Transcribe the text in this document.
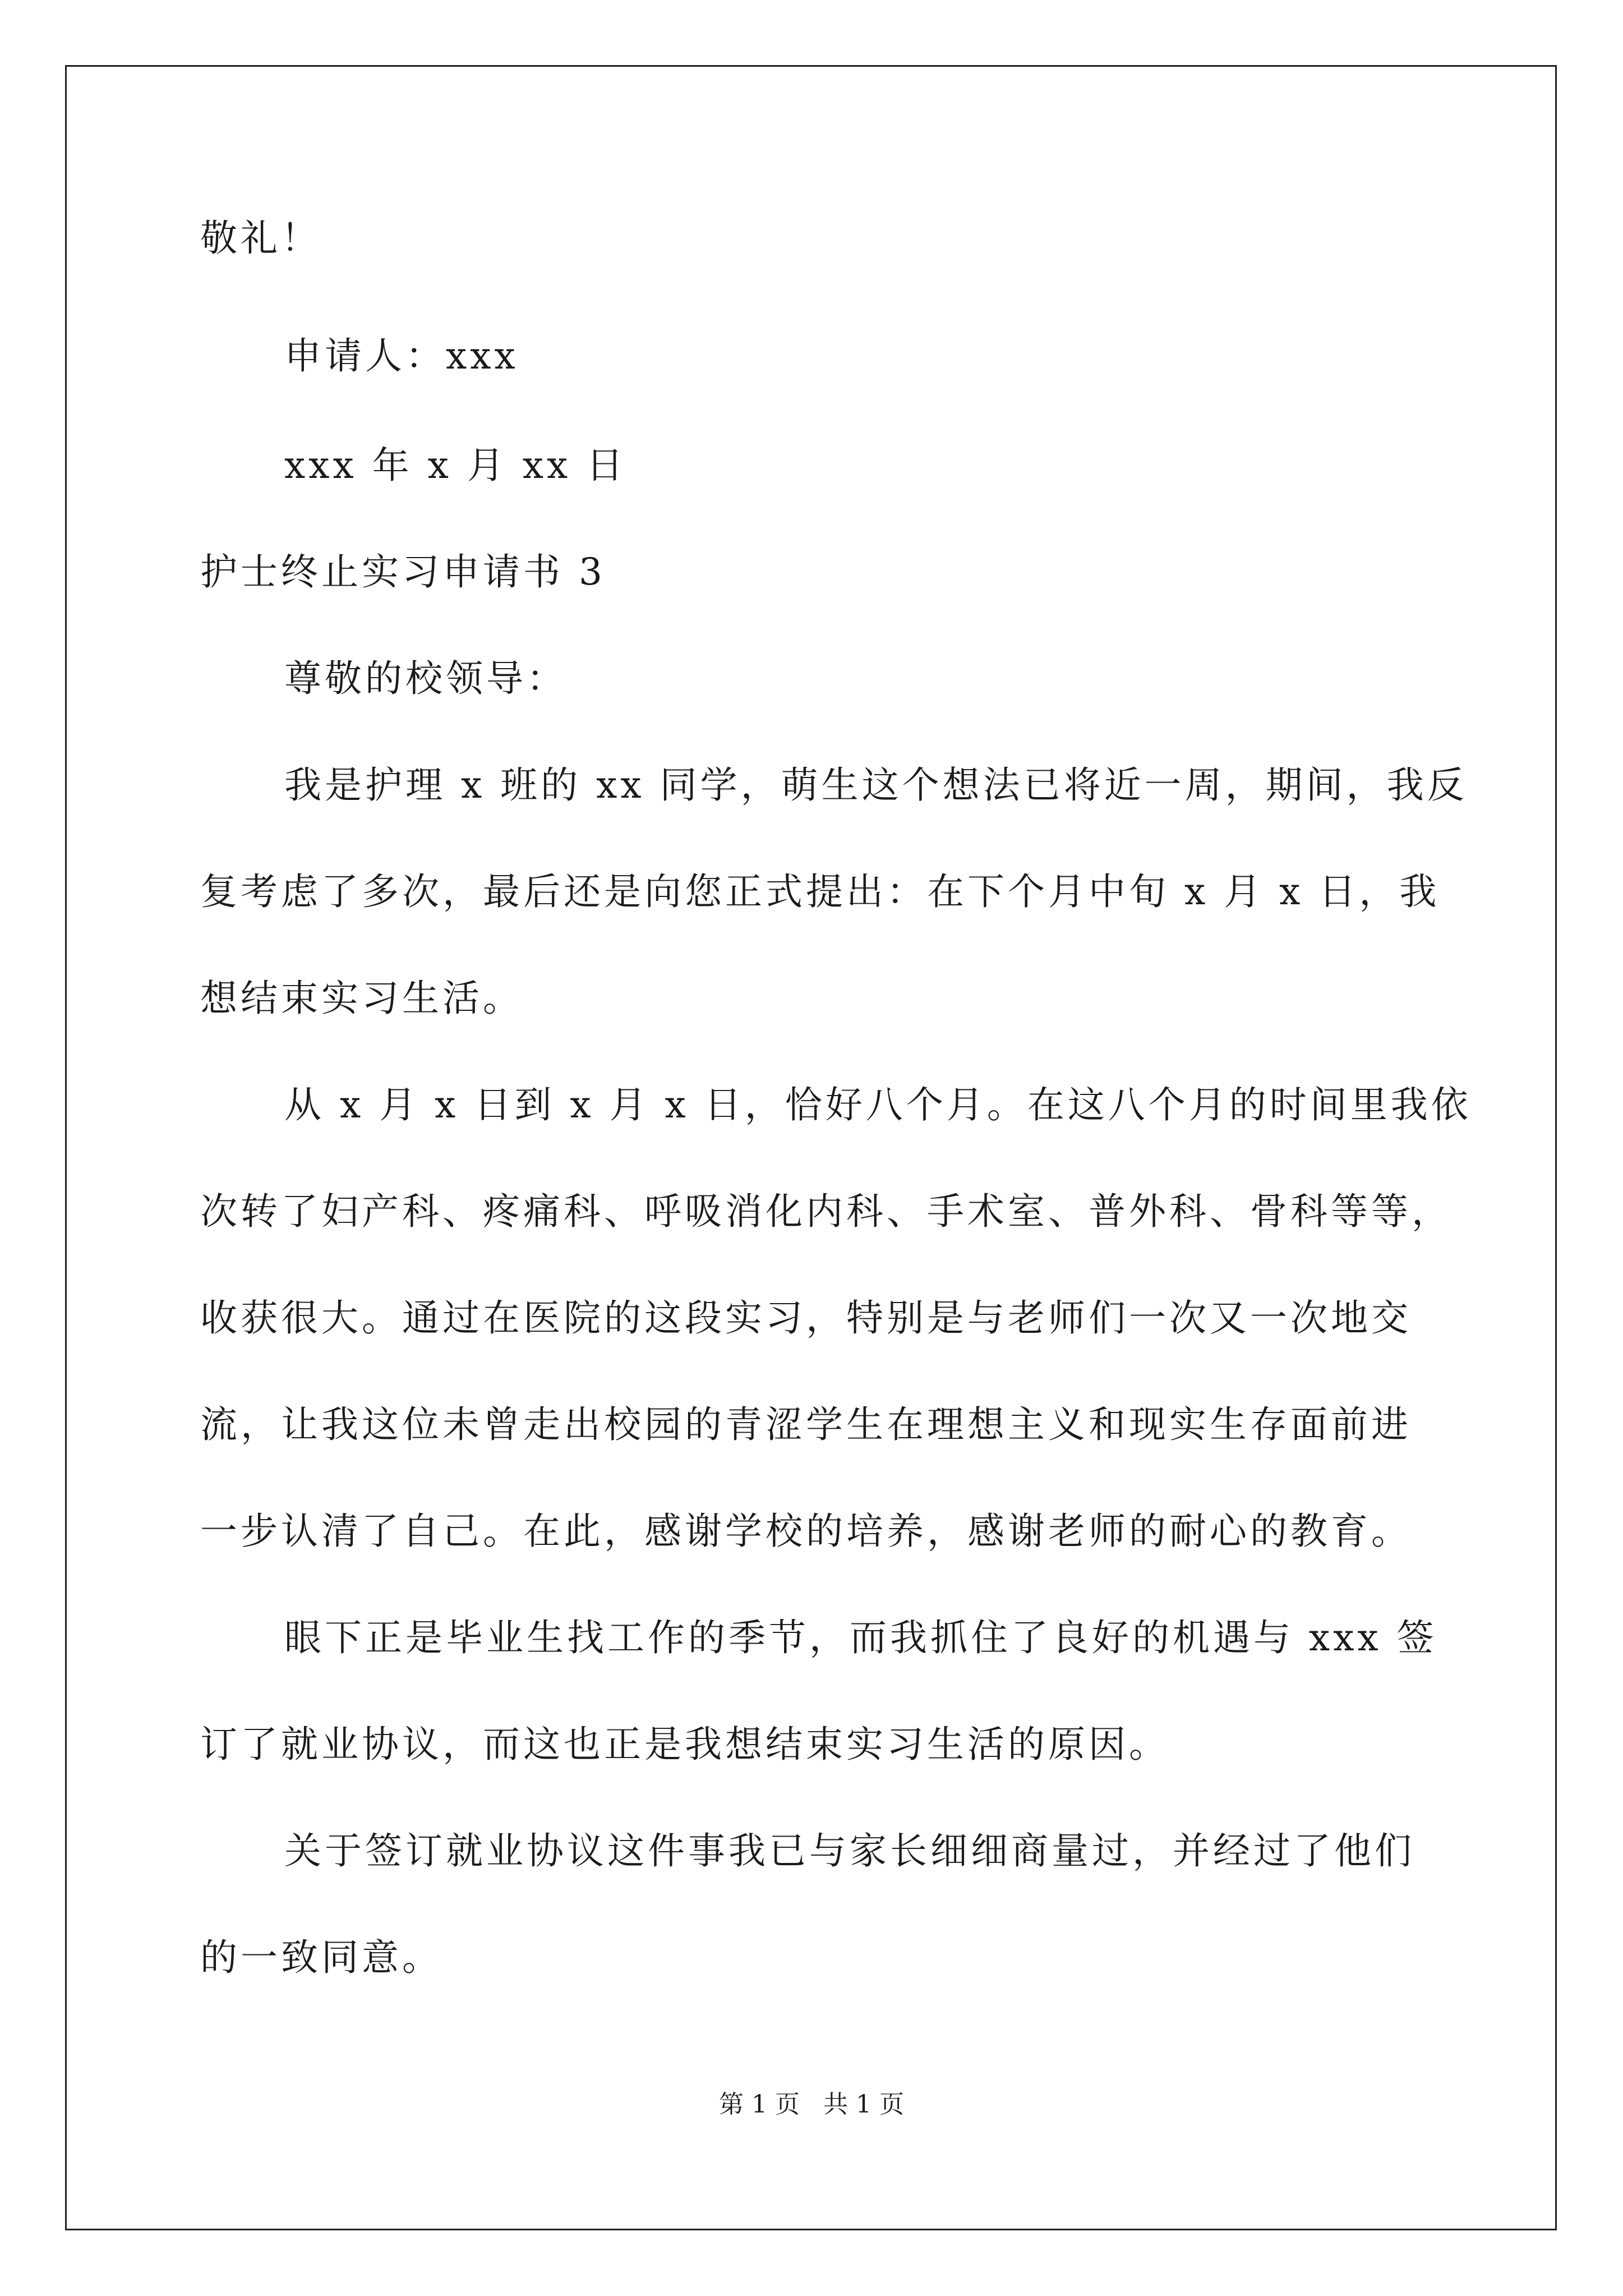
敬礼！
申请人：xxx
xxx 年 x 月 xx 日
护士终止实习申请书 3
尊敬的校领导：
我是护理 x 班的 xx 同学，萌生这个想法已将近一周，期间，我反
复考虑了多次，最后还是向您正式提出：在下个月中旬 x 月 x 日，我
想结束实习生活。
从 x 月 x 日到 x 月 x 日，恰好八个月。在这八个月的时间里我依
次转了妇产科、疼痛科、呼吸消化内科、手术室、普外科、骨科等等，
收获很大。通过在医院的这段实习，特别是与老师们一次又一次地交
流，让我这位未曾走出校园的青涩学生在理想主义和现实生存面前进
一步认清了自己。在此，感谢学校的培养，感谢老师的耐心的教育。
眼下正是毕业生找工作的季节，而我抓住了良好的机遇与 xxx 签
订了就业协议，而这也正是我想结束实习生活的原因。
关于签订就业协议这件事我已与家长细细商量过，并经过了他们
的一致同意。
第 1 页   共 1 页
